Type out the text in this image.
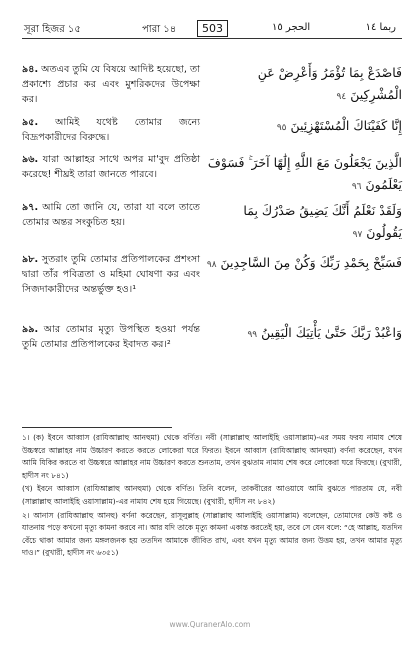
সূরা হিজর ১৫	পারা ১৪	503	الحجر ١٥	ربما ١٤
৯৪. অতএব তুমি যে বিষয়ে আদিষ্ট হয়েছো, তা প্রকাশ্যে প্রচার কর এবং মুশরিকদের উপেক্ষা কর।
فَاصْدَعْ بِمَا تُؤْمَرُ وَأَعْرِضْ عَنِ الْمُشْرِكِينَ ٩٤
৯৫. আমিই যথেষ্ট তোমার জন্যে বিদ্রূপকারীদের বিরুদ্ধে।
إِنَّا كَفَيْنَاكَ الْمُسْتَهْزِئِينَ ٩٥
৯৬. যারা আল্লাহর সাথে অপর মা'বুদ প্রতিষ্ঠা করেছে! শীঘ্রই তারা জানতে পারবে।
الَّذِينَ يَجْعَلُونَ مَعَ اللَّهِ إِلَٰهًا آخَرَ ۚ فَسَوْفَ يَعْلَمُونَ ٩٦
৯৭. আমি তো জানি যে, তারা যা বলে তাতে তোমার অন্তর সংকুচিত হয়।
وَلَقَدْ نَعْلَمُ أَنَّكَ يَضِيقُ صَدْرُكَ بِمَا يَقُولُونَ ٩٧
৯৮. সুতরাং তুমি তোমার প্রতিপালকের প্রশংসা দ্বারা তাঁর পবিত্রতা ও মহিমা ঘোষণা কর এবং সিজদাকারীদের অন্তর্ভুক্ত হও।¹
فَسَبِّحْ بِحَمْدِ رَبِّكَ وَكُنْ مِنَ السَّاجِدِينَ ٩٨
৯৯. আর তোমার মৃত্যু উপস্থিত হওয়া পর্যন্ত তুমি তোমার প্রতিপালকের ইবাদত কর।²
وَاعْبُدْ رَبَّكَ حَتَّىٰ يَأْتِيَكَ الْيَقِينُ ٩٩

১। (ক) ইবনে আব্বাস (রাযিআল্লাহু আনহুমা) থেকে বর্ণিত। নবী (সাল্লাল্লাহু আলাইহি ওয়াসাল্লাম)-এর সময় ফরয নামায শেষে উচ্চস্বরে আল্লাহর নাম উচ্চারণ করতে করতে লোকেরা ঘরে ফিরত। ইবনে আব্বাস (রাযিআল্লাহু আনহুমা) বর্ণনা করেছেন, যখন আমি যিকির করতে বা উচ্চস্বরে আল্লাহর নাম উচ্চারণ করতে শুনতাম, তখন বুঝতাম নামায শেষ করে লোকেরা ঘরে ফিরছে। (বুখারী, হাদীস নং ৮৪১)

(খ) ইবনে আব্বাস (রাযিআল্লাহু আনহুমা) থেকে বর্ণিত। তিনি বলেন, তাকবীরের আওয়াযে আমি বুঝতে পারতাম যে, নবী (সাল্লাল্লাহু আলাইহি ওয়াসাল্লাম)-এর নামায শেষ হয়ে গিয়েছে। (বুখারী, হাদীস নং ৮৪২)

২। আনাস (রাযিআল্লাহু আনহু) বর্ণনা করেছেন, রাসূলুল্লাহ (সাল্লাল্লাহু আলাইহি ওয়াসাল্লাম) বলেছেন, তোমাদের কেউ কষ্ট ও যাতনায় পড়ে কখনো মৃত্যু কামনা করবে না। আর যদি তাকে মৃত্যু কামনা একান্ত করতেই হয়, তবে সে যেন বলে: “হে আল্লাহ, যতদিন বেঁচে থাকা আমার জন্য মঙ্গলজনক হয় ততদিন আমাকে জীবিত রাখ, এবং যখন মৃত্যু আমার জন্য উত্তম হয়, তখন আমার মৃত্যু দাও।” (বুখারী, হাদীস নং ৬৩৫১)

www.QuranerAlo.com
